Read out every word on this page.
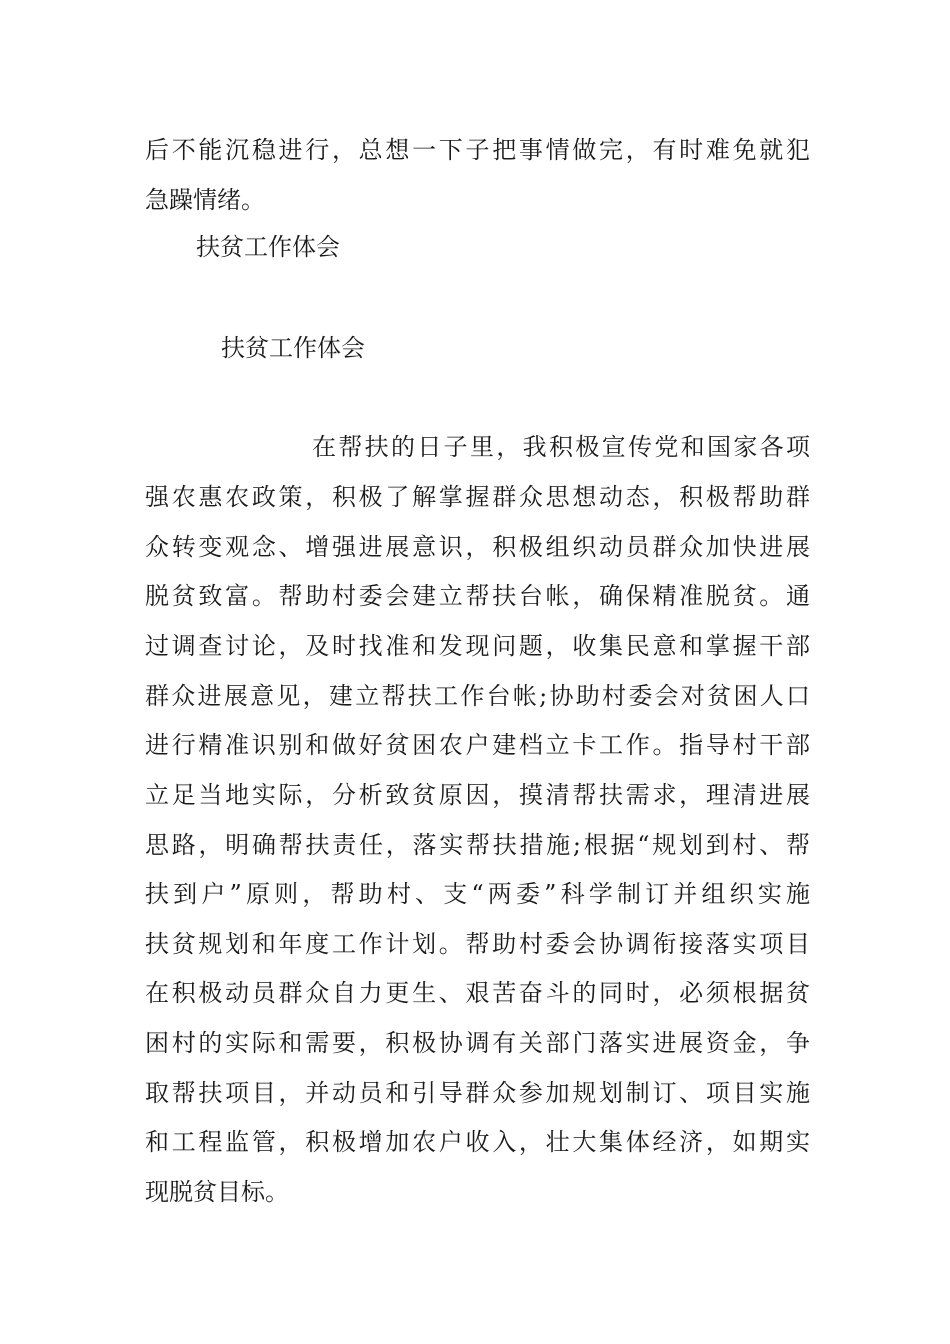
后不能沉稳进行，总想一下子把事情做完，有时难免就犯
急躁情绪。
扶贫工作体会
扶贫工作体会
在帮扶的日子里，我积极宣传党和国家各项
强农惠农政策，积极了解掌握群众思想动态，积极帮助群
众转变观念、增强进展意识，积极组织动员群众加快进展
脱贫致富。帮助村委会建立帮扶台帐，确保精准脱贫。通
过调查讨论，及时找准和发现问题，收集民意和掌握干部
群众进展意见，建立帮扶工作台帐;协助村委会对贫困人口
进行精准识别和做好贫困农户建档立卡工作。指导村干部
立足当地实际，分析致贫原因，摸清帮扶需求，理清进展
思路，明确帮扶责任，落实帮扶措施;根据“规划到村、帮
扶到户”原则，帮助村、支“两委”科学制订并组织实施
扶贫规划和年度工作计划。帮助村委会协调衔接落实项目
在积极动员群众自力更生、艰苦奋斗的同时，必须根据贫
困村的实际和需要，积极协调有关部门落实进展资金，争
取帮扶项目，并动员和引导群众参加规划制订、项目实施
和工程监管，积极增加农户收入，壮大集体经济，如期实
现脱贫目标。
